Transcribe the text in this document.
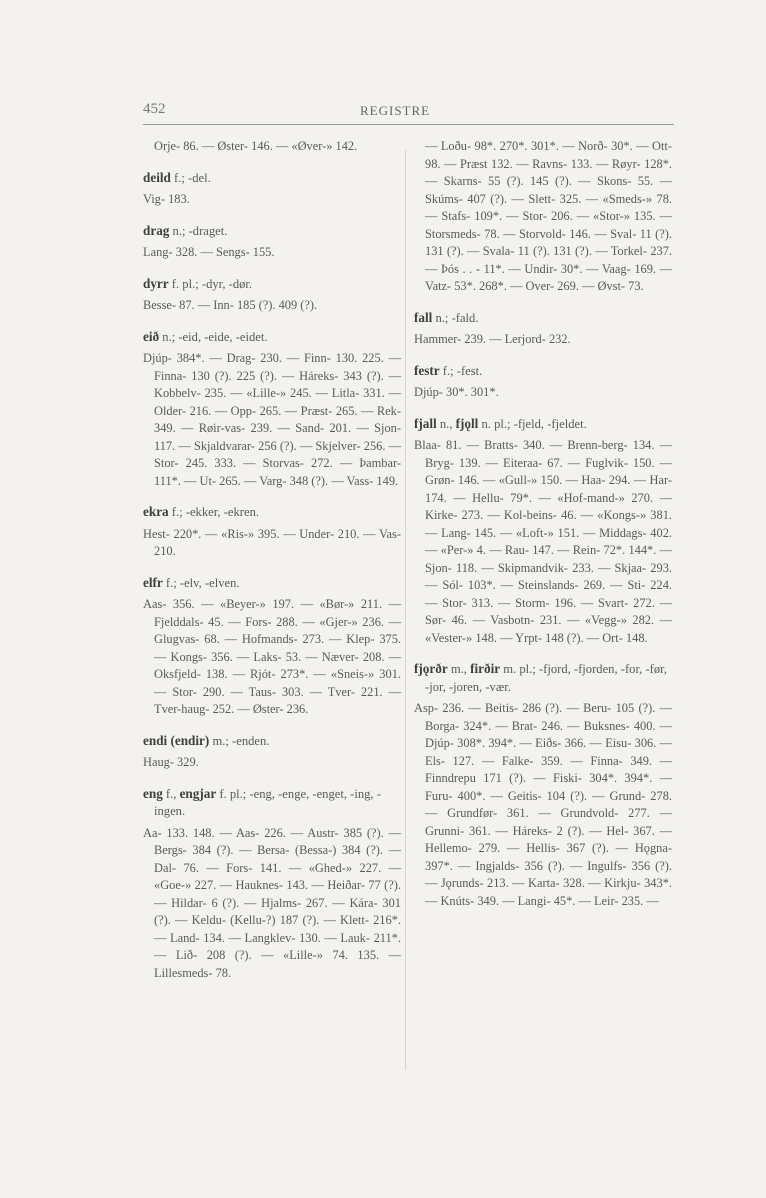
452	REGISTRE

Orje- 86. — Øster- 146. — «Øver-» 142.

deild f.; -del.

Vig- 183.

drag n.; -draget.

Lang- 328. — Sengs- 155.

dyrr f. pl.; -dyr, -dør.

Besse- 87. — Inn- 185 (?). 409 (?).

eið n.; -eid, -eide, -eidet.

Djúp- 384*. — Drag- 230. — Finn- 130. 225. — Finna- 130 (?). 225 (?). — Háreks- 343 (?). — Kobbelv- 235. — «Lille-» 245. — Litla- 331. — Older- 216. — Opp- 265. — Præst- 265. — Rek- 349. — Røir-vas- 239. — Sand- 201. — Sjon- 117. — Skjaldvarar- 256 (?). — Skjelver- 256. — Stor- 245. 333. — Storvas- 272. — Þambar- 111*. — Ut- 265. — Varg- 348 (?). — Vass- 149.

ekra f.; -ekker, -ekren.

Hest- 220*. — «Ris-» 395. — Under- 210. — Vas- 210.

elfr f.; -elv, -elven.

Aas- 356. — «Beyer-» 197. — «Bør-» 211. — Fjelddals- 45. — Fors- 288. — «Gjer-» 236. — Glugvas- 68. — Hofmands- 273. — Klep- 375. — Kongs- 356. — Laks- 53. — Næver- 208. — Oksfjeld- 138. — Rjót- 273*. — «Sneis-» 301. — Stor- 290. — Taus- 303. — Tver- 221. — Tver-haug- 252. — Øster- 236.

endi (endir) m.; -enden.

Haug- 329.

eng f., engjar f. pl.; -eng, -enge, -enget, -ing, -ingen.

Aa- 133. 148. — Aas- 226. — Austr- 385 (?). — Bergs- 384 (?). — Bersa- (Bessa-) 384 (?). — Dal- 76. — Fors- 141. — «Ghed-» 227. — «Goe-» 227. — Hauknes- 143. — Heiðar- 77 (?). — Hildar- 6 (?). — Hjalms- 267. — Kára- 301 (?). — Keldu- (Kellu-?) 187 (?). — Klett- 216*. — Land- 134. — Langklev- 130. — Lauk- 211*. — Lið- 208 (?). — «Lille-» 74. 135. — Lillesmeds- 78.

— Loðu- 98*. 270*. 301*. — Norð- 30*. — Ott- 98. — Præst 132. — Ravns- 133. — Røyr- 128*. — Skarns- 55 (?). 145 (?). — Skons- 55. — Skúms- 407 (?). — Slett- 325. — «Smeds-» 78. — Stafs- 109*. — Stor- 206. — «Stor-» 135. — Storsmeds- 78. — Storvold- 146. — Sval- 11 (?). 131 (?). — Svala- 11 (?). 131 (?). — Torkel- 237. — Þós . . - 11*. — Undir- 30*. — Vaag- 169. — Vatz- 53*. 268*. — Over- 269. — Øvst- 73.

fall n.; -fald.

Hammer- 239. — Lerjord- 232.

festr f.; -fest.

Djúp- 30*. 301*.

fjall n., fjǫll n. pl.; -fjeld, -fjeldet.

Blaa- 81. — Bratts- 340. — Brenn-berg- 134. — Bryg- 139. — Eiteraa- 67. — Fuglvik- 150. — Grøn- 146. — «Gull-» 150. — Haa- 294. — Har- 174. — Hellu- 79*. — «Hof-mand-» 270. — Kirke- 273. — Kol-beins- 46. — «Kongs-» 381. — Lang- 145. — «Loft-» 151. — Middags- 402. — «Per-» 4. — Rau- 147. — Rein- 72*. 144*. — Sjon- 118. — Skipmandvik- 233. — Skjaa- 293. — Sól- 103*. — Steinslands- 269. — Sti- 224. — Stor- 313. — Storm- 196. — Svart- 272. — Sør- 46. — Vasbotn- 231. — «Vegg-» 282. — «Vester-» 148. — Yrpt- 148 (?). — Ort- 148.

fjǫrðr m., firðir m. pl.; -fjord, -fjorden, -for, -før, -jor, -joren, -vær.

Asp- 236. — Beitis- 286 (?). — Beru- 105 (?). — Borga- 324*. — Brat- 246. — Buksnes- 400. — Djúp- 308*. 394*. — Eiðs- 366. — Eisu- 306. — Els- 127. — Falke- 359. — Finna- 349. — Finndrepu 171 (?). — Fiski- 304*. 394*. — Furu- 400*. — Geitis- 104 (?). — Grund- 278. — Grundfør- 361. — Grundvold- 277. — Grunni- 361. — Háreks- 2 (?). — Hel- 367. — Hellemo- 279. — Hellis- 367 (?). — Hǫgna- 397*. — Ingjalds- 356 (?). — Ingulfs- 356 (?). — Jǫrunds- 213. — Karta- 328. — Kirkju- 343*. — Knúts- 349. — Langi- 45*. — Leir- 235. —
